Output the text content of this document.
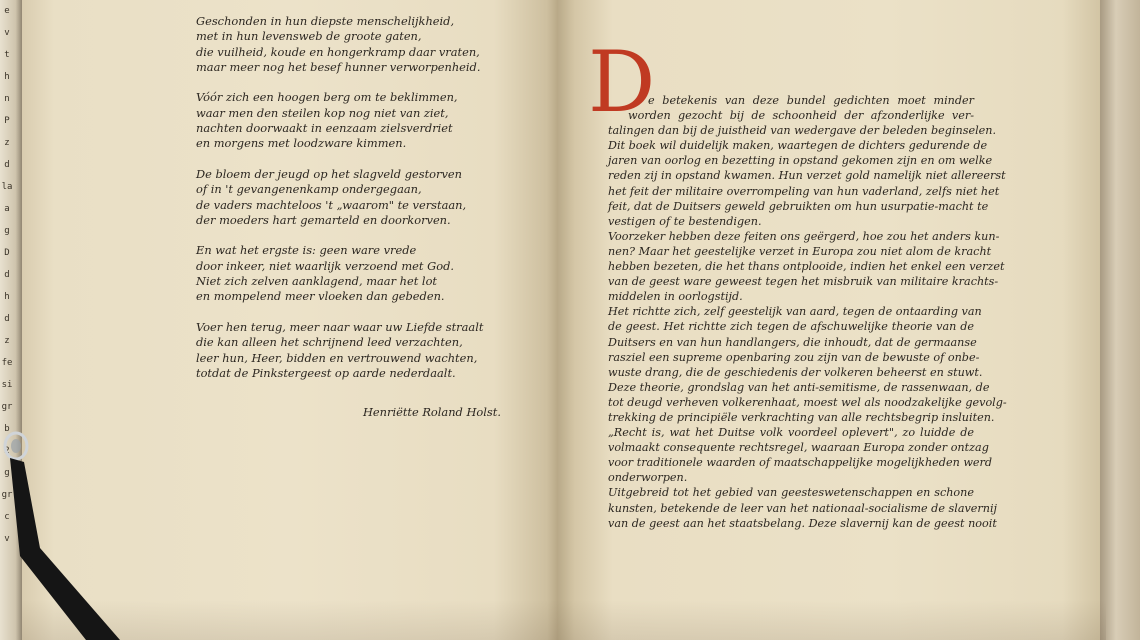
e
v
t
h
n
P
z
d
la
a
g
D
d
h
d
z
fe
si
gr
b
2
g
gr
c
v
Geschonden in hun diepste menschelijkheid,
met in hun levensweb de groote gaten,
die vuilheid, koude en hongerkramp daar vraten,
maar meer nog het besef hunner verworpenheid.
Vóór zich een hoogen berg om te beklimmen,
waar men den steilen kop nog niet van ziet,
nachten doorwaakt in eenzaam zielsverdriet
en morgens met loodzware kimmen.
De bloem der jeugd op het slagveld gestorven
of in 't gevangenenkamp ondergegaan,
de vaders machteloos 't „waarom" te verstaan,
der moeders hart gemarteld en doorkorven.
En wat het ergste is: geen ware vrede
door inkeer, niet waarlijk verzoend met God.
Niet zich zelven aanklagend, maar het lot
en mompelend meer vloeken dan gebeden.
Voer hen terug, meer naar waar uw Liefde straalt
die kan alleen het schrijnend leed verzachten,
leer hun, Heer, bidden en vertrouwend wachten,
totdat de Pinkstergeest op aarde nederdaalt.
Henriëtte Roland Holst.
D
e betekenis van deze bundel gedichten moet minder
worden gezocht bij de schoonheid der afzonderlijke ver-
talingen dan bij de juistheid van wedergave der beleden beginselen.
Dit boek wil duidelijk maken, waartegen de dichters gedurende de
jaren van oorlog en bezetting in opstand gekomen zijn en om welke
reden zij in opstand kwamen. Hun verzet gold namelijk niet allereerst
het feit der militaire overrompeling van hun vaderland, zelfs niet het
feit, dat de Duitsers geweld gebruikten om hun usurpatie-macht te
vestigen of te bestendigen.
Voorzeker hebben deze feiten ons geërgerd, hoe zou het anders kun-
nen? Maar het geestelijke verzet in Europa zou niet alom de kracht
hebben bezeten, die het thans ontplooide, indien het enkel een verzet
van de geest ware geweest tegen het misbruik van militaire krachts-
middelen in oorlogstijd.
Het richtte zich, zelf geestelijk van aard, tegen de ontaarding van
de geest. Het richtte zich tegen de afschuwelijke theorie van de
Duitsers en van hun handlangers, die inhoudt, dat de germaanse
rasziel een supreme openbaring zou zijn van de bewuste of onbe-
wuste drang, die de geschiedenis der volkeren beheerst en stuwt.
Deze theorie, grondslag van het anti-semitisme, de rassenwaan, de
tot deugd verheven volkerenhaat, moest wel als noodzakelijke gevolg-
trekking de principiële verkrachting van alle rechtsbegrip insluiten.
„Recht is, wat het Duitse volk voordeel oplevert", zo luidde de
volmaakt consequente rechtsregel, waaraan Europa zonder ontzag
voor traditionele waarden of maatschappelijke mogelijkheden werd
onderworpen.
Uitgebreid tot het gebied van geesteswetenschappen en schone
kunsten, betekende de leer van het nationaal-socialisme de slavernij
van de geest aan het staatsbelang. Deze slavernij kan de geest nooit
